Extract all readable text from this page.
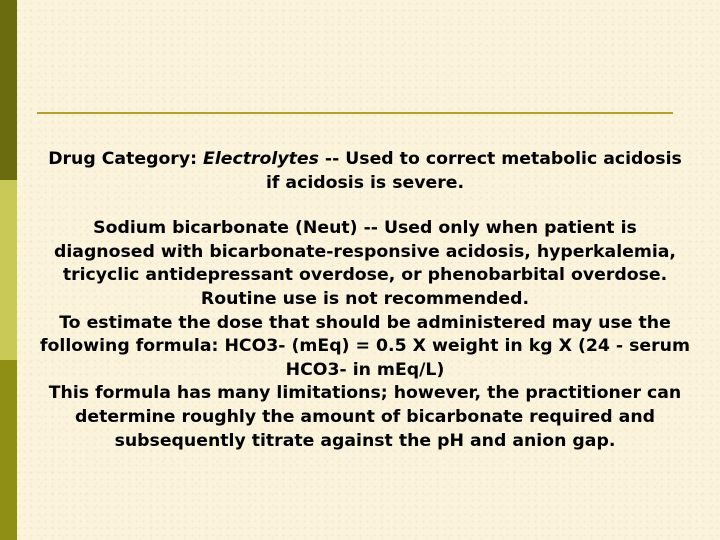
Drug Category: Electrolytes -- Used to correct metabolic acidosis if acidosis is severe.

Sodium bicarbonate (Neut) -- Used only when patient is diagnosed with bicarbonate-responsive acidosis, hyperkalemia, tricyclic antidepressant overdose, or phenobarbital overdose. Routine use is not recommended.

To estimate the dose that should be administered may use the following formula: HCO3- (mEq) = 0.5 X weight in kg X (24 - serum HCO3- in mEq/L)

This formula has many limitations; however, the practitioner can determine roughly the amount of bicarbonate required and subsequently titrate against the pH and anion gap.
